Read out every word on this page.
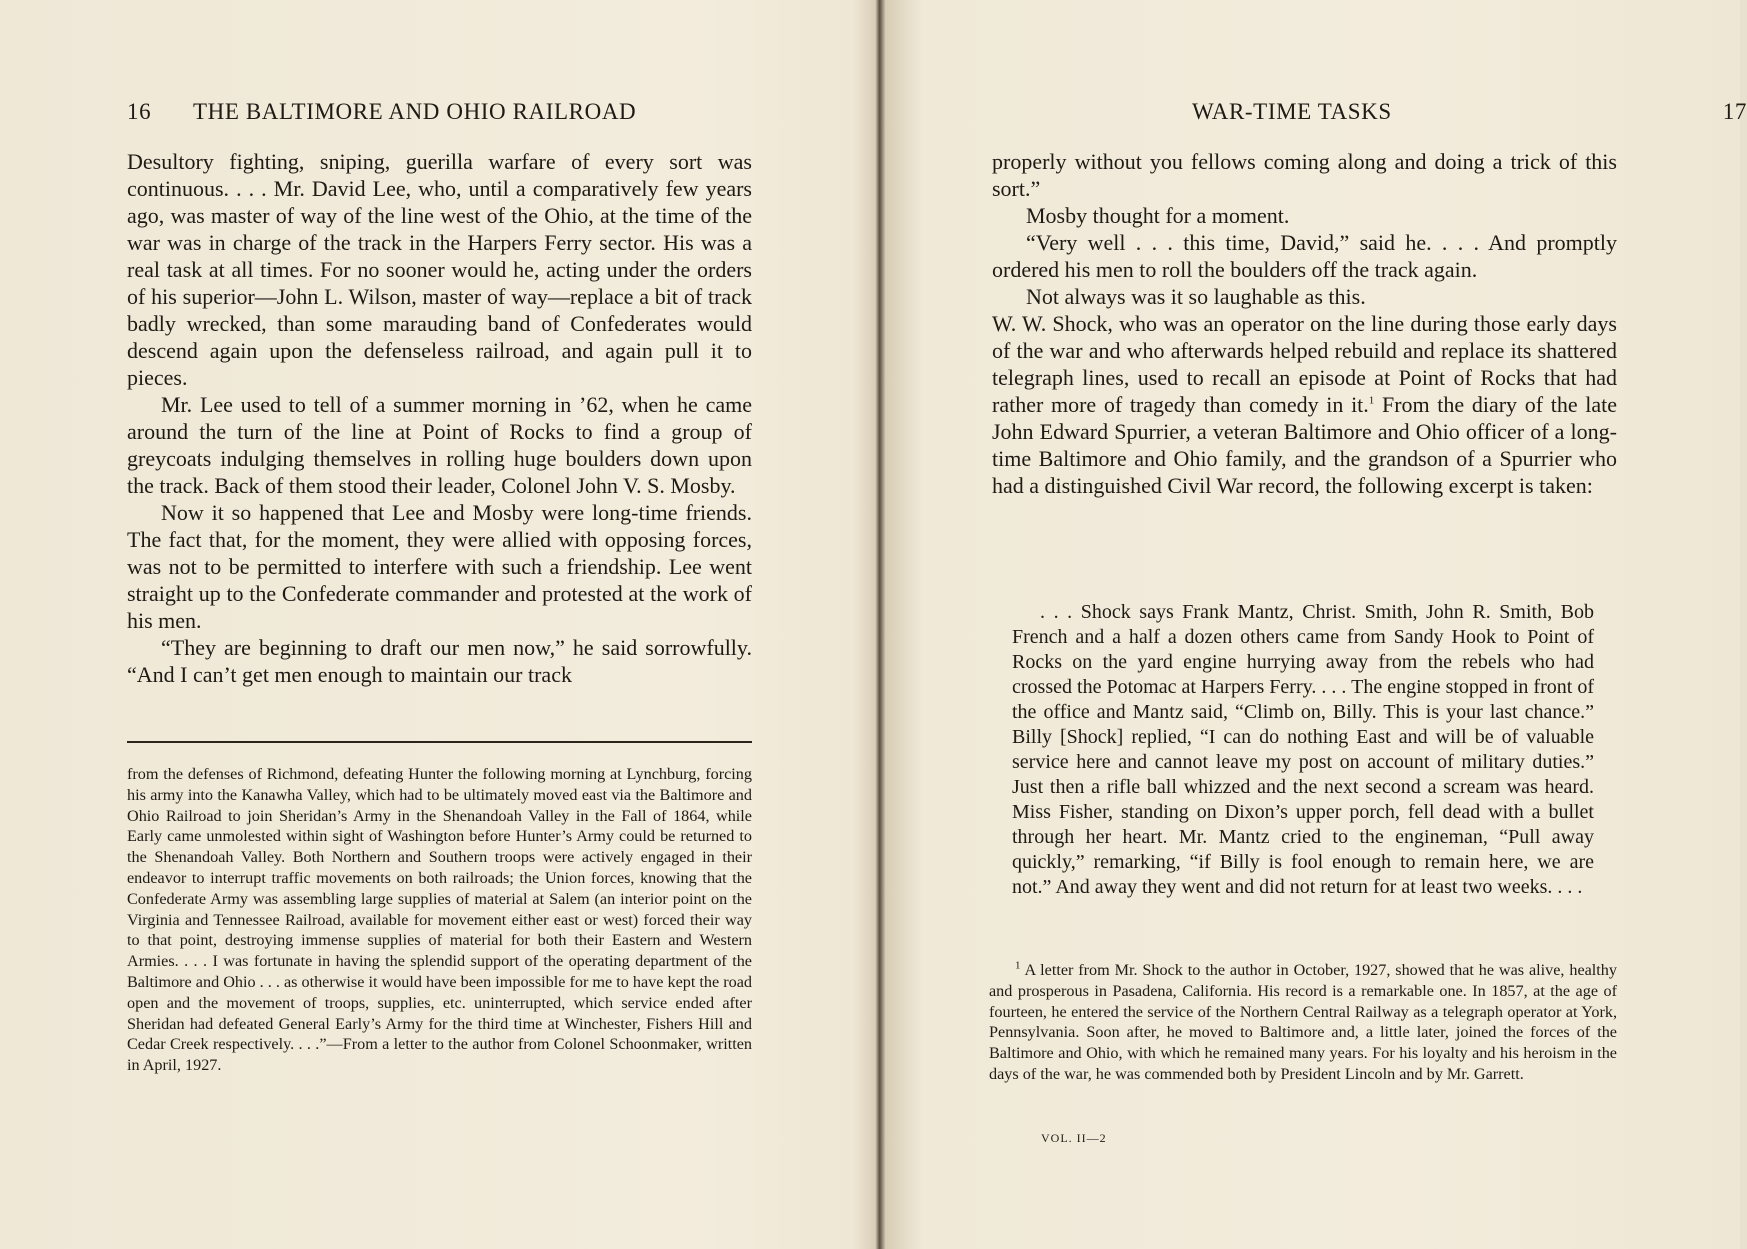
16 THE BALTIMORE AND OHIO RAILROAD

Desultory fighting, sniping, guerilla warfare of every sort was continuous. . . . Mr. David Lee, who, until a comparatively few years ago, was master of way of the line west of the Ohio, at the time of the war was in charge of the track in the Harpers Ferry sector. His was a real task at all times. For no sooner would he, acting under the orders of his superior—John L. Wilson, master of way—replace a bit of track badly wrecked, than some marauding band of Confederates would descend again upon the defenseless railroad, and again pull it to pieces.

Mr. Lee used to tell of a summer morning in ’62, when he came around the turn of the line at Point of Rocks to find a group of greycoats indulging themselves in rolling huge boulders down upon the track. Back of them stood their leader, Colonel John V. S. Mosby.

Now it so happened that Lee and Mosby were long-time friends. The fact that, for the moment, they were allied with opposing forces, was not to be permitted to interfere with such a friendship. Lee went straight up to the Confederate commander and protested at the work of his men.

“They are beginning to draft our men now,” he said sorrowfully. “And I can’t get men enough to maintain our track

from the defenses of Richmond, defeating Hunter the following morning at Lynchburg, forcing his army into the Kanawha Valley, which had to be ultimately moved east via the Baltimore and Ohio Railroad to join Sheridan’s Army in the Shenandoah Valley in the Fall of 1864, while Early came unmolested within sight of Washington before Hunter’s Army could be returned to the Shenandoah Valley. Both Northern and Southern troops were actively engaged in their endeavor to interrupt traffic movements on both railroads; the Union forces, knowing that the Confederate Army was assembling large supplies of material at Salem (an interior point on the Virginia and Tennessee Railroad, available for movement either east or west) forced their way to that point, destroying immense supplies of material for both their Eastern and Western Armies. . . . I was fortunate in having the splendid support of the operating department of the Baltimore and Ohio . . . as otherwise it would have been impossible for me to have kept the road open and the movement of troops, supplies, etc. uninterrupted, which service ended after Sheridan had defeated General Early’s Army for the third time at Winchester, Fishers Hill and Cedar Creek respectively. . . .”—From a letter to the author from Colonel Schoonmaker, written in April, 1927.

WAR-TIME TASKS	17

properly without you fellows coming along and doing a trick of this sort.”

Mosby thought for a moment.

“Very well . . . this time, David,” said he. . . . And promptly ordered his men to roll the boulders off the track again.

Not always was it so laughable as this.

W. W. Shock, who was an operator on the line during those early days of the war and who afterwards helped rebuild and replace its shattered telegraph lines, used to recall an episode at Point of Rocks that had rather more of tragedy than comedy in it.$^1$ From the diary of the late John Edward Spurrier, a veteran Baltimore and Ohio officer of a long-time Baltimore and Ohio family, and the grandson of a Spurrier who had a distinguished Civil War record, the following excerpt is taken:

. . . Shock says Frank Mantz, Christ. Smith, John R. Smith, Bob French and a half a dozen others came from Sandy Hook to Point of Rocks on the yard engine hurrying away from the rebels who had crossed the Potomac at Harpers Ferry. . . . The engine stopped in front of the office and Mantz said, “Climb on, Billy. This is your last chance.” Billy [Shock] replied, “I can do nothing East and will be of valuable service here and cannot leave my post on account of military duties.” Just then a rifle ball whizzed and the next second a scream was heard. Miss Fisher, standing on Dixon’s upper porch, fell dead with a bullet through her heart. Mr. Mantz cried to the engineman, “Pull away quickly,” remarking, “if Billy is fool enough to remain here, we are not.” And away they went and did not return for at least two weeks. . . .

$^1$ A letter from Mr. Shock to the author in October, 1927, showed that he was alive, healthy and prosperous in Pasadena, California. His record is a remarkable one. In 1857, at the age of fourteen, he entered the service of the Northern Central Railway as a telegraph operator at York, Pennsylvania. Soon after, he moved to Baltimore and, a little later, joined the forces of the Baltimore and Ohio, with which he remained many years. For his loyalty and his heroism in the days of the war, he was commended both by President Lincoln and by Mr. Garrett.

VOL. II—2
